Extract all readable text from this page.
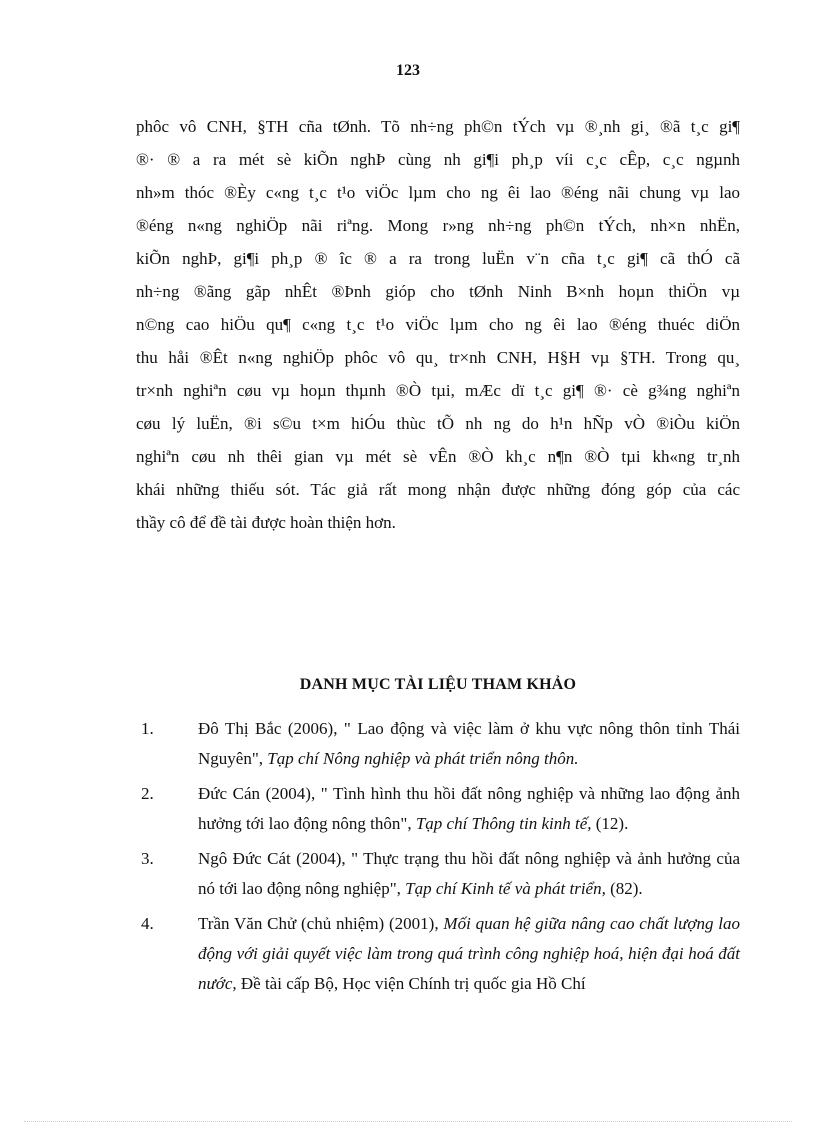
123
phôc vô CNH, §TH cña tØnh. Tõ nh÷ng ph©n tÝch vµ ®¸nh gi¸ ®ã t¸c gi¶
®· ® a ra mét sè kiÕn nghÞ cùng nh gi¶i ph¸p víi c¸c cÊp, c¸c ngµnh
nh»m thóc ®Èy c«ng t¸c t¹o viÖc lµm cho ng êi lao ®éng nãi chung vµ lao
®éng n«ng nghiÖp nãi riªng. Mong r»ng nh÷ng ph©n tÝch, nh×n nhËn,
kiÕn nghÞ, gi¶i ph¸p ® îc ® a ra trong luËn v¨n cña t¸c gi¶ cã thÓ cã
nh÷ng ®ãng gãp nhÊt ®Þnh gióp cho tØnh Ninh B×nh hoµn thiÖn vµ
n©ng cao hiÖu qu¶ c«ng t¸c t¹o viÖc lµm cho ng êi lao ®éng thuéc diÖn
thu håi ®Êt n«ng nghiÖp phôc vô qu¸ tr×nh CNH, H§H vµ §TH. Trong qu¸
tr×nh nghiªn cøu vµ hoµn thµnh ®Ò tµi, mÆc dï t¸c gi¶ ®· cè g¾ng nghiªn
cøu lý luËn, ®i s©u t×m hiÓu thùc tÕ nh ng do h¹n hÑp vÒ ®iÒu kiÖn
nghiªn cøu nh thêi gian vµ mét sè vÊn ®Ò kh¸c n¶n ®Ò tµi kh«ng tr¸nh
khái những thiếu sót. Tác giả rất mong nhận được những đóng góp của các
thầy cô để đề tài được hoàn thiện hơn.
DANH MỤC TÀI LIỆU THAM KHẢO
1.	Đô Thị Bắc (2006), " Lao động và việc làm ở khu vực nông thôn tỉnh Thái Nguyên", Tạp chí Nông nghiệp và phát triển nông thôn.
2.	Đức Cán (2004), " Tình hình thu hồi đất nông nghiệp và những lao động ảnh hưởng tới lao động nông thôn", Tạp chí Thông tin kinh tế, (12).
3.	Ngô Đức Cát (2004), " Thực trạng thu hồi đất nông nghiệp và ảnh hưởng của nó tới lao động nông nghiệp", Tạp chí Kinh tế và phát triển, (82).
4.	Trần Văn Chử (chủ nhiệm) (2001), Mối quan hệ giữa nâng cao chất lượng lao động với giải quyết việc làm trong quá trình công nghiệp hoá, hiện đại hoá đất nước, Đề tài cấp Bộ, Học viện Chính trị quốc gia Hồ Chí
